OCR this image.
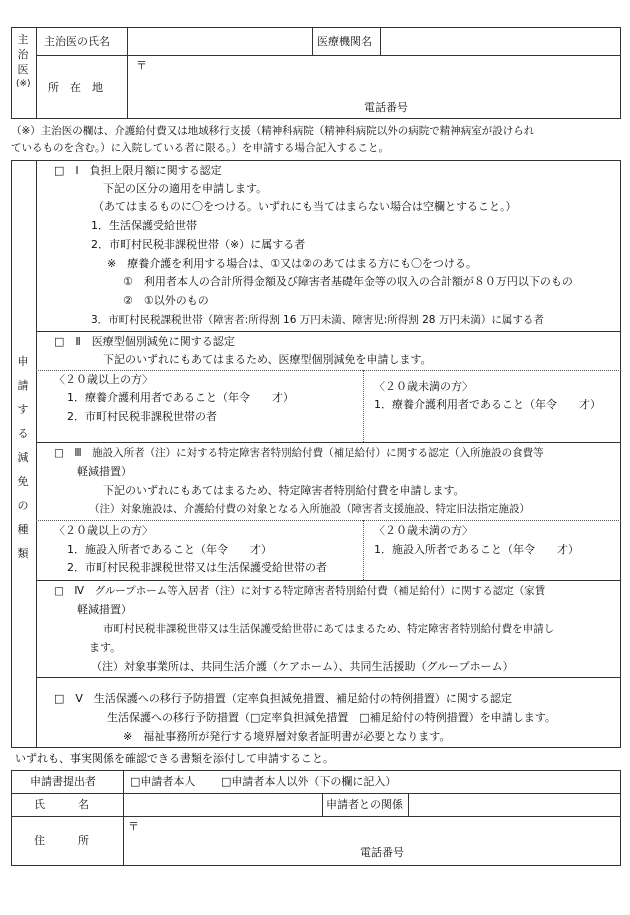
主
治
医
(※)
主治医の氏名	医療機関名
所　在　地
〒
電話番号
（※）主治医の欄は、介護給付費又は地域移行支援（精神科病院（精神科病院以外の病院で精神病室が設けられ
ているものを含む。）に入院している者に限る。）を申請する場合記入すること。
申
請
す
る
減
免
の
種
類
□　Ⅰ　負担上限月額に関する認定
下記の区分の適用を申請します。
（あてはまるものに〇をつける。いずれにも当てはまらない場合は空欄とすること。）
1．生活保護受給世帯
2．市町村民税非課税世帯（※）に属する者
※　療養介護を利用する場合は、①又は②のあてはまる方にも〇をつける。
①　利用者本人の合計所得金額及び障害者基礎年金等の収入の合計額が８０万円以下のもの
②　①以外のもの
3．市町村民税課税世帯（障害者:所得割 16 万円未満、障害児:所得割 28 万円未満）に属する者
□　Ⅱ　医療型個別減免に関する認定
下記のいずれにもあてはまるため、医療型個別減免を申請します。
〈２０歳以上の方〉
1．療養介護利用者であること（年令　　才）
2．市町村民税非課税世帯の者
〈２０歳未満の方〉
1．療養介護利用者であること（年令　　才）
□　Ⅲ　施設入所者（注）に対する特定障害者特別給付費（補足給付）に関する認定（入所施設の食費等
軽減措置）
下記のいずれにもあてはまるため、特定障害者特別給付費を申請します。
（注）対象施設は、介護給付費の対象となる入所施設（障害者支援施設、特定旧法指定施設）
〈２０歳以上の方〉
1．施設入所者であること（年令　　才）
2．市町村民税非課税世帯又は生活保護受給世帯の者
〈２０歳未満の方〉
1．施設入所者であること（年令　　才）
□　Ⅳ　グループホーム等入居者（注）に対する特定障害者特別給付費（補足給付）に関する認定（家賃
軽減措置）
市町村民税非課税世帯又は生活保護受給世帯にあてはまるため、特定障害者特別給付費を申請し
ます。
（注）対象事業所は、共同生活介護（ケアホーム）、共同生活援助（グループホーム）
□　Ⅴ　生活保護への移行予防措置（定率負担減免措置、補足給付の特例措置）に関する認定
生活保護への移行予防措置（□定率負担減免措置　□補足給付の特例措置）を申請します。
※　福祉事務所が発行する境界層対象者証明書が必要となります。
いずれも、事実関係を確認できる書類を添付して申請すること。
申請書提出者	□申請者本人 □申請者本人以外（下の欄に記入）
氏　　　名	申請者との関係
住　　　所
〒
電話番号
